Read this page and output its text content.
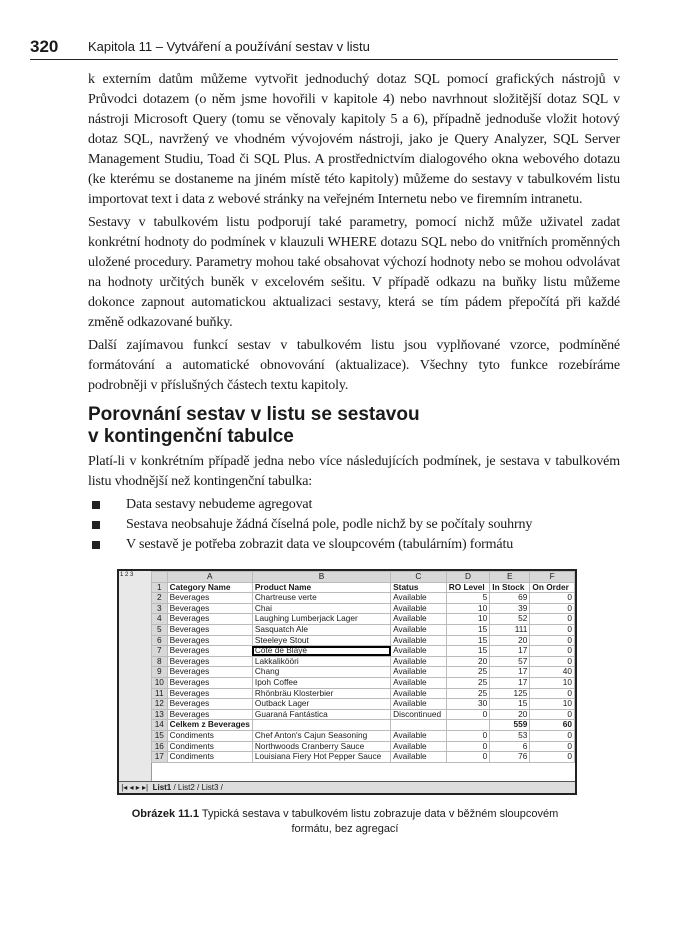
320 Kapitola 11 – Vytváření a používání sestav v listu

k externím datům můžeme vytvořit jednoduchý dotaz SQL pomocí grafických nástrojů v Průvodci dotazem (o něm jsme hovořili v kapitole 4) nebo navrhnout složitější dotaz SQL v nástroji Microsoft Query (tomu se věnovaly kapitoly 5 a 6), případně jednoduše vložit hotový dotaz SQL, navržený ve vhodném vývojovém nástroji, jako je Query Analyzer, SQL Server Management Studiu, Toad či SQL Plus. A prostřednictvím dialogového okna webového dotazu (ke kterému se dostaneme na jiném místě této kapitoly) můžeme do sestavy v tabulkovém listu importovat text i data z webové stránky na veřejném Internetu nebo ve firemním intranetu.

Sestavy v tabulkovém listu podporují také parametry, pomocí nichž může uživatel zadat konkrétní hodnoty do podmínek v klauzuli WHERE dotazu SQL nebo do vnitřních proměnných uložené procedury. Parametry mohou také obsahovat výchozí hodnoty nebo se mohou odvolávat na hodnoty určitých buněk v excelovém sešitu. V případě odkazu na buňky listu můžeme dokonce zapnout automatickou aktualizaci sestavy, která se tím pádem přepočítá při každé změně odkazované buňky.

Další zajímavou funkcí sestav v tabulkovém listu jsou vyplňované vzorce, podmíněné formátování a automatické obnovování (aktualizace). Všechny tyto funkce rozebíráme podrobněji v příslušných částech textu kapitoly.

Porovnání sestav v listu se sestavou
v kontingenční tabulce

Platí-li v konkrétním případě jedna nebo více následujících podmínek, je sestava v tabulkovém listu vhodnější než kontingenční tabulka:

Data sestavy nebudeme agregovat
Sestava neobsahuje žádná číselná pole, podle nichž by se počítaly souhrny
V sestavě je potřeba zobrazit data ve sloupcovém (tabulárním) formátu
1 2 3
		A	B	C	D	E	F
1	Category Name	Product Name	Status	RO Level	In Stock	On Order
2	Beverages	Chartreuse verte	Available	5	69	0
3	Beverages	Chai	Available	10	39	0
4	Beverages	Laughing Lumberjack Lager	Available	10	52	0
5	Beverages	Sasquatch Ale	Available	15	111	0
6	Beverages	Steeleye Stout	Available	15	20	0
7	Beverages	Côte de Blaye	Available	15	17	0
8	Beverages	Lakkalikööri	Available	20	57	0
9	Beverages	Chang	Available	25	17	40
10	Beverages	Ipoh Coffee	Available	25	17	10
11	Beverages	Rhönbräu Klosterbier	Available	25	125	0
12	Beverages	Outback Lager	Available	30	15	10
13	Beverages	Guaraná Fantástica	Discontinued	0	20	0
14	Celkem z Beverages				559	60
15	Condiments	Chef Anton's Cajun Seasoning	Available	0	53	0
16	Condiments	Northwoods Cranberry Sauce	Available	0	6	0
17	Condiments	Louisiana Fiery Hot Pepper Sauce	Available	0	76	0
|◂ ◂ ▸ ▸|  List1 / List2 / List3 /
Obrázek 11.1 Typická sestava v tabulkovém listu zobrazuje data v běžném sloupcovém formátu, bez agregací
